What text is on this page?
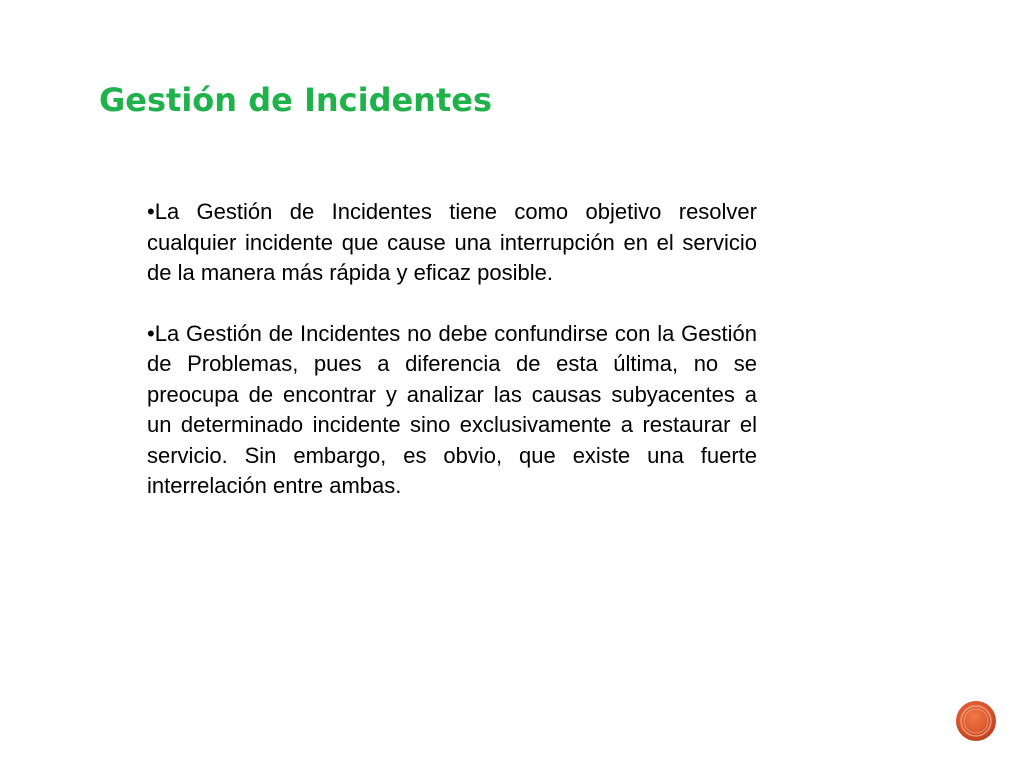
Gestión de Incidentes

•La Gestión de Incidentes tiene como objetivo resolver cualquier incidente que cause una interrupción en el servicio de la manera más rápida y eficaz posible.

•La Gestión de Incidentes no debe confundirse con la Gestión de Problemas, pues a diferencia de esta última, no se preocupa de encontrar y analizar las causas subyacentes a un determinado incidente sino exclusivamente a restaurar el servicio. Sin embargo, es obvio, que existe una fuerte interrelación entre ambas.
